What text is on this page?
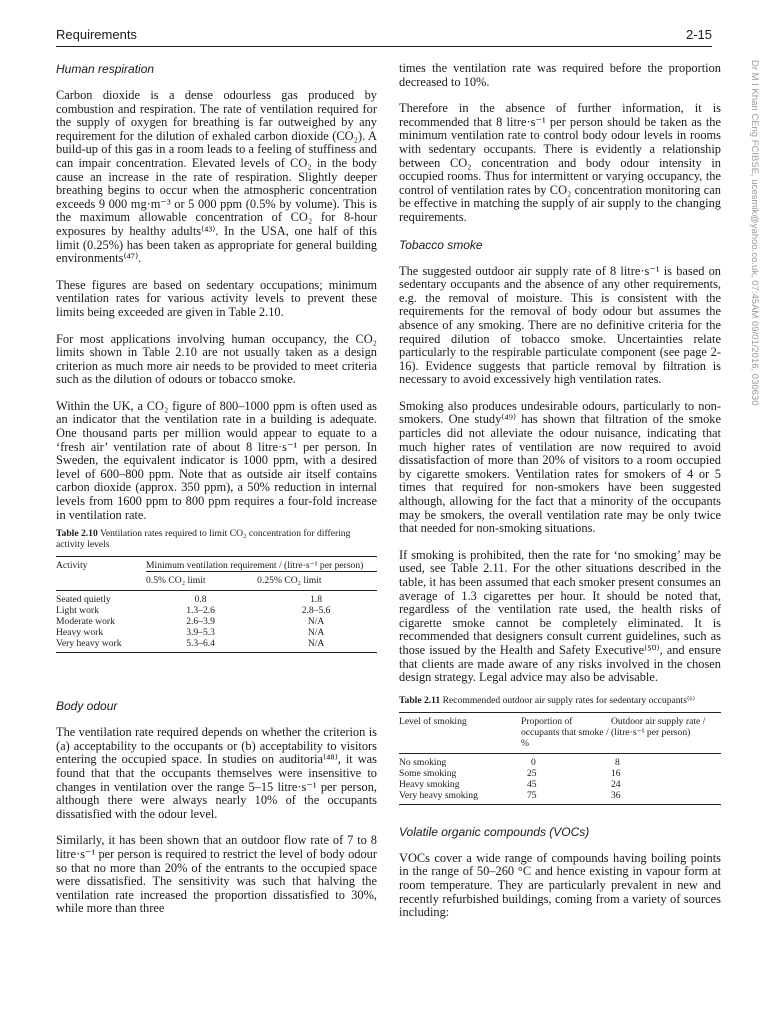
Requirements	2-15
Dr M I Khan CEng FCIBSE, ucesmik@yahoo.co.uk, 07:45AM 09/01/2016, 030630
Human respiration

Carbon dioxide is a dense odourless gas produced by combustion and respiration. The rate of ventilation required for the supply of oxygen for breathing is far outweighed by any requirement for the dilution of exhaled carbon dioxide (CO₂). A build-up of this gas in a room leads to a feeling of stuffiness and can impair concentration. Elevated levels of CO₂ in the body cause an increase in the rate of respiration. Slightly deeper breathing begins to occur when the atmospheric concentration exceeds 9 000 mg·m⁻³ or 5 000 ppm (0.5% by volume). This is the maximum allowable concentration of CO₂ for 8-hour exposures by healthy adults⁽⁴³⁾. In the USA, one half of this limit (0.25%) has been taken as appropriate for general building environments⁽⁴⁷⁾.

These figures are based on sedentary occupations; minimum ventilation rates for various activity levels to prevent these limits being exceeded are given in Table 2.10.

For most applications involving human occupancy, the CO₂ limits shown in Table 2.10 are not usually taken as a design criterion as much more air needs to be provided to meet criteria such as the dilution of odours or tobacco smoke.

Within the UK, a CO₂ figure of 800–1000 ppm is often used as an indicator that the ventilation rate in a building is adequate. One thousand parts per million would appear to equate to a ‘fresh air’ ventilation rate of about 8 litre·s⁻¹ per person. In Sweden, the equivalent indicator is 1000 ppm, with a desired level of 600–800 ppm. Note that as outside air itself contains carbon dioxide (approx. 350 ppm), a 50% reduction in internal levels from 1600 ppm to 800 ppm requires a four-fold increase in ventilation rate.

Table 2.10 Ventilation rates required to limit CO₂ concentration for differing activity levels
Activity	Minimum ventilation requirement / (litre·s⁻¹ per person)	
	0.5% CO₂ limit	0.25% CO₂ limit
Seated quietly	0.8	1.8
Light work	1.3–2.6	2.8–5.6
Moderate work	2.6–3.9	N/A
Heavy work	3.9–5.3	N/A
Very heavy work	5.3–6.4	N/A
Body odour

The ventilation rate required depends on whether the criterion is (a) acceptability to the occupants or (b) acceptability to visitors entering the occupied space. In studies on auditoria⁽⁴⁸⁾, it was found that that the occupants themselves were insensitive to changes in ventilation over the range 5–15 litre·s⁻¹ per person, although there were always nearly 10% of the occupants dissatisfied with the odour level.

Similarly, it has been shown that an outdoor flow rate of 7 to 8 litre·s⁻¹ per person is required to restrict the level of body odour so that no more than 20% of the entrants to the occupied space were dissatisfied. The sensitivity was such that halving the ventilation rate increased the proportion dissatisfied to 30%, while more than three

times the ventilation rate was required before the proportion decreased to 10%.

Therefore in the absence of further information, it is recommended that 8 litre·s⁻¹ per person should be taken as the minimum ventilation rate to control body odour levels in rooms with sedentary occupants. There is evidently a relationship between CO₂ concentration and body odour intensity in occupied rooms. Thus for intermittent or varying occupancy, the control of ventilation rates by CO₂ concentration monitoring can be effective in matching the supply of air supply to the changing requirements.

Tobacco smoke

The suggested outdoor air supply rate of 8 litre·s⁻¹ is based on sedentary occupants and the absence of any other requirements, e.g. the removal of moisture. This is consistent with the requirements for the removal of body odour but assumes the absence of any smoking. There are no definitive criteria for the required dilution of tobacco smoke. Uncertainties relate particularly to the respirable particulate component (see page 2-16). Evidence suggests that particle removal by filtration is necessary to avoid excessively high ventilation rates.

Smoking also produces undesirable odours, particularly to non-smokers. One study⁽⁴⁹⁾ has shown that filtration of the smoke particles did not alleviate the odour nuisance, indicating that much higher rates of ventilation are now required to avoid dissatisfaction of more than 20% of visitors to a room occupied by cigarette smokers. Ventilation rates for smokers of 4 or 5 times that required for non-smokers have been suggested although, allowing for the fact that a minority of the occupants may be smokers, the overall ventilation rate may be only twice that needed for non-smoking situations.

If smoking is prohibited, then the rate for ‘no smoking’ may be used, see Table 2.11. For the other situations described in the table, it has been assumed that each smoker present consumes an average of 1.3 cigarettes per hour. It should be noted that, regardless of the ventilation rate used, the health risks of cigarette smoke cannot be completely eliminated. It is recommended that designers consult current guidelines, such as those issued by the Health and Safety Executive⁽⁵⁰⁾, and ensure that clients are made aware of any risks involved in the chosen design strategy. Legal advice may also be advisable.

Table 2.11 Recommended outdoor air supply rates for sedentary occupants⁽⁶⁾
Level of smoking	Proportion of occupants that smoke / %	Outdoor air supply rate / (litre·s⁻¹ per person)
No smoking	0	8
Some smoking	25	16
Heavy smoking	45	24
Very heavy smoking	75	36
Volatile organic compounds (VOCs)

VOCs cover a wide range of compounds having boiling points in the range of 50–260 °C and hence existing in vapour form at room temperature. They are particularly prevalent in new and recently refurbished buildings, coming from a variety of sources including:
